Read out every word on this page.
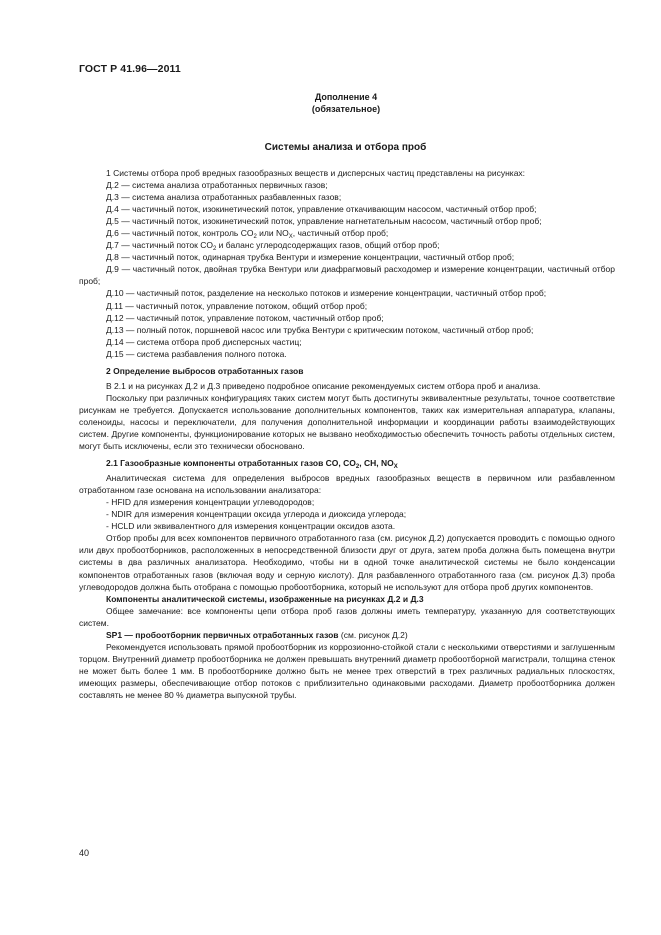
ГОСТ Р 41.96—2011
Дополнение 4
(обязательное)
Системы анализа и отбора проб

1 Системы отбора проб вредных газообразных веществ и дисперсных частиц представлены на рисунках:

Д.2 — система анализа отработанных первичных газов;

Д.3 — система анализа отработанных разбавленных газов;

Д.4 — частичный поток, изокинетический поток, управление откачивающим насосом, частичный отбор проб;

Д.5 — частичный поток, изокинетический поток, управление нагнетательным насосом, частичный отбор проб;

Д.6 — частичный поток, контроль $CO_2$ или $NO_X$, частичный отбор проб;

Д.7 — частичный поток $CO_2$ и баланс углеродсодержащих газов, общий отбор проб;

Д.8 — частичный поток, одинарная трубка Вентури и измерение концентрации, частичный отбор проб;

Д.9 — частичный поток, двойная трубка Вентури или диафрагмовый расходомер и измерение концентрации, частичный отбор проб;

Д.10 — частичный поток, разделение на несколько потоков и измерение концентрации, частичный отбор проб;

Д.11 — частичный поток, управление потоком, общий отбор проб;

Д.12 — частичный поток, управление потоком, частичный отбор проб;

Д.13 — полный поток, поршневой насос или трубка Вентури с критическим потоком, частичный отбор проб;

Д.14 — система отбора проб дисперсных частиц;

Д.15 — система разбавления полного потока.

2 Определение выбросов отработанных газов

В 2.1 и на рисунках Д.2 и Д.3 приведено подробное описание рекомендуемых систем отбора проб и анализа.

Поскольку при различных конфигурациях таких систем могут быть достигнуты эквивалентные результаты, точное соответствие рисункам не требуется. Допускается использование дополнительных компонентов, таких как измерительная аппаратура, клапаны, соленоиды, насосы и переключатели, для получения дополнительной информации и координации работы взаимодействующих систем. Другие компоненты, функционирование которых не вызвано необходимостью обеспечить точность работы отдельных систем, могут быть исключены, если это технически обосновано.

2.1 Газообразные компоненты отработанных газов CO, $CO_2$, CH, $NO_X$

Аналитическая система для определения выбросов вредных газообразных веществ в первичном или разбавленном отработанном газе основана на использовании анализатора:

- HFID для измерения концентрации углеводородов;

- NDIR для измерения концентрации оксида углерода и диоксида углерода;

- HCLD или эквивалентного для измерения концентрации оксидов азота.

Отбор пробы для всех компонентов первичного отработанного газа (см. рисунок Д.2) допускается проводить с помощью одного или двух пробоотборников, расположенных в непосредственной близости друг от друга, затем проба должна быть помещена внутри системы в два различных анализатора. Необходимо, чтобы ни в одной точке аналитической системы не было конденсации компонентов отработанных газов (включая воду и серную кислоту). Для разбавленного отработанного газа (см. рисунок Д.3) проба углеводородов должна быть отобрана с помощью пробоотборника, который не используют для отбора проб других компонентов.

Компоненты аналитической системы, изображенные на рисунках Д.2 и Д.3

Общее замечание: все компоненты цепи отбора проб газов должны иметь температуру, указанную для соответствующих систем.

SP1 — пробоотборник первичных отработанных газов (см. рисунок Д.2)

Рекомендуется использовать прямой пробоотборник из коррозионно-стойкой стали с несколькими отверстиями и заглушенным торцом. Внутренний диаметр пробоотборника не должен превышать внутренний диаметр пробоотборной магистрали, толщина стенок не может быть более 1 мм. В пробоотборнике должно быть не менее трех отверстий в трех различных радиальных плоскостях, имеющих размеры, обеспечивающие отбор потоков с приблизительно одинаковыми расходами. Диаметр пробоотборника должен составлять не менее 80 % диаметра выпускной трубы.

40
